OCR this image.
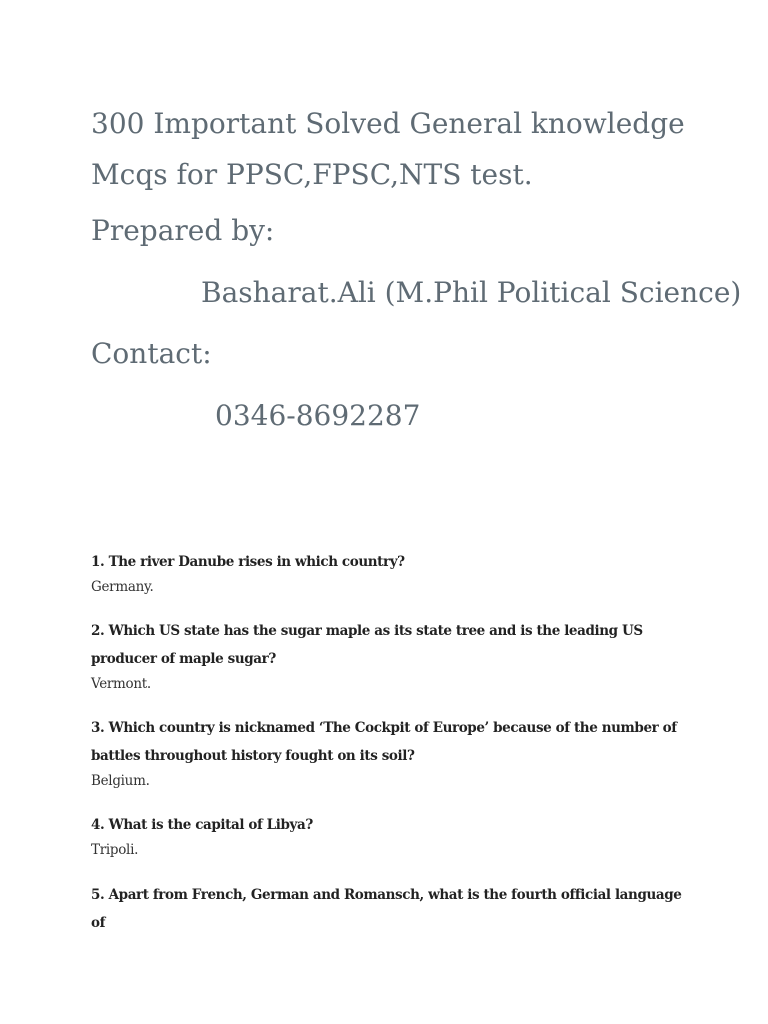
300 Important Solved General knowledge Mcqs for PPSC,FPSC,NTS test.

Prepared by:

Basharat.Ali (M.Phil Political Science)

Contact:

0346-8692287

1. The river Danube rises in which country?

Germany.

2. Which US state has the sugar maple as its state tree and is the leading US producer of maple sugar?

Vermont.

3. Which country is nicknamed ‘The Cockpit of Europe’ because of the number of battles throughout history fought on its soil?

Belgium.

4. What is the capital of Libya?

Tripoli.

5. Apart from French, German and Romansch, what is the fourth official language of
